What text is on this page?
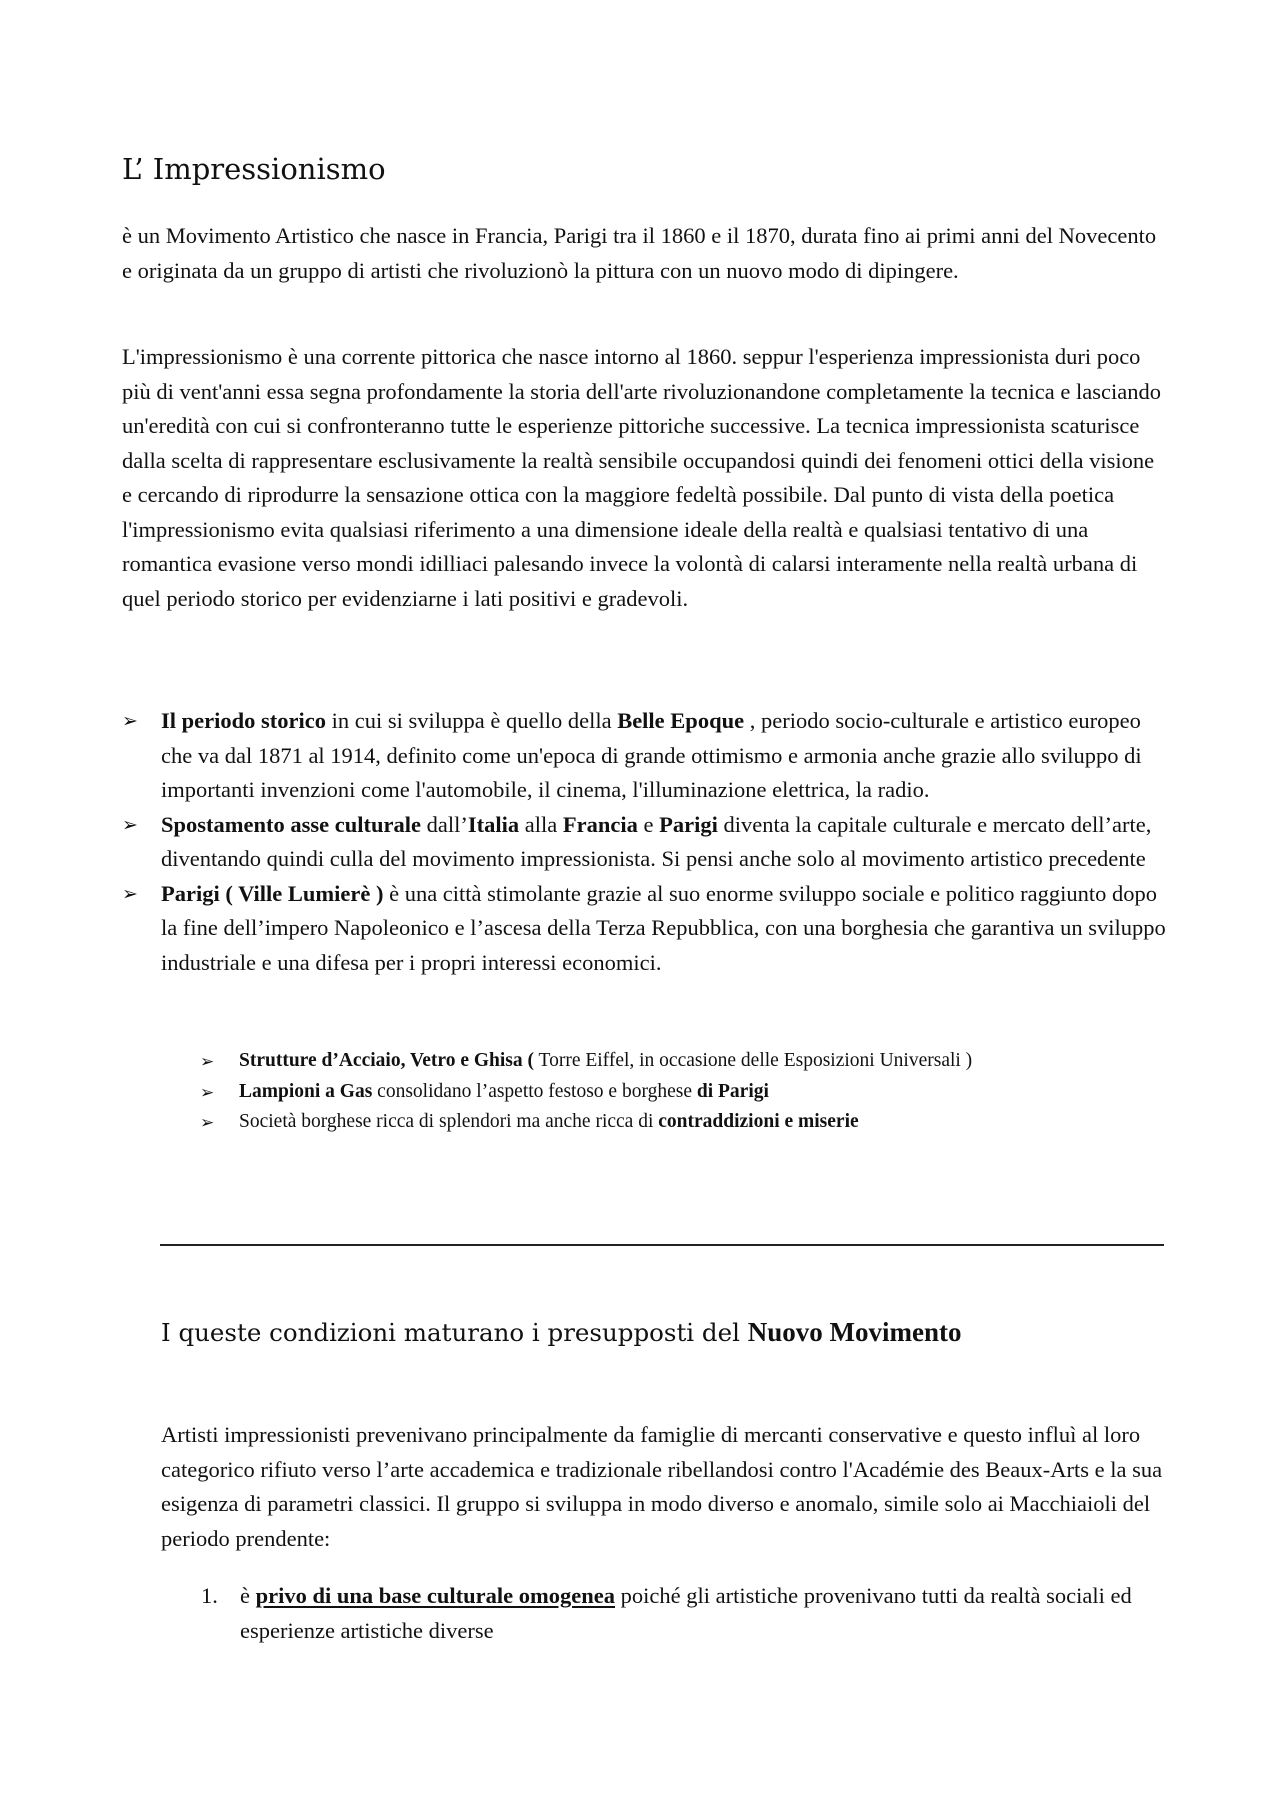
L’ Impressionismo

è un Movimento Artistico che nasce in Francia, Parigi tra il 1860 e il 1870, durata fino ai primi anni del Novecento e originata da un gruppo di artisti che rivoluzionò la pittura con un nuovo modo di dipingere.

L'impressionismo è una corrente pittorica che nasce intorno al 1860. seppur l'esperienza impressionista duri poco più di vent'anni essa segna profondamente la storia dell'arte rivoluzionandone completamente la tecnica e lasciando un'eredità con cui si confronteranno tutte le esperienze pittoriche successive. La tecnica impressionista scaturisce dalla scelta di rappresentare esclusivamente la realtà sensibile occupandosi quindi dei fenomeni ottici della visione e cercando di riprodurre la sensazione ottica con la maggiore fedeltà possibile. Dal punto di vista della poetica l'impressionismo evita qualsiasi riferimento a una dimensione ideale della realtà e qualsiasi tentativo di una romantica evasione verso mondi idilliaci palesando invece la volontà di calarsi interamente nella realtà urbana di quel periodo storico per evidenziarne i lati positivi e gradevoli.

➢ Il periodo storico in cui si sviluppa è quello della Belle Epoque , periodo socio-culturale e artistico europeo che va dal 1871 al 1914, definito come un'epoca di grande ottimismo e armonia anche grazie allo sviluppo di importanti invenzioni come l'automobile, il cinema, l'illuminazione elettrica, la radio.
➢ Spostamento asse culturale dall’Italia alla Francia e Parigi diventa la capitale culturale e mercato dell’arte, diventando quindi culla del movimento impressionista. Si pensi anche solo al movimento artistico precedente
➢ Parigi ( Ville Lumierè ) è una città stimolante grazie al suo enorme sviluppo sociale e politico raggiunto dopo la fine dell’impero Napoleonico e l’ascesa della Terza Repubblica, con una borghesia che garantiva un sviluppo industriale e una difesa per i propri interessi economici.
➢ Strutture d’Acciaio, Vetro e Ghisa ( Torre Eiffel, in occasione delle Esposizioni Universali )
➢ Lampioni a Gas consolidano l’aspetto festoso e borghese di Parigi
➢ Società borghese ricca di splendori ma anche ricca di contraddizioni e miserie
I queste condizioni maturano i presupposti del Nuovo Movimento

Artisti impressionisti prevenivano principalmente da famiglie di mercanti conservative e questo influì al loro categorico rifiuto verso l’arte accademica e tradizionale ribellandosi contro l'Académie des Beaux-Arts e la sua esigenza di parametri classici. Il gruppo si sviluppa in modo diverso e anomalo, simile solo ai Macchiaioli del periodo prendente:

1. è privo di una base culturale omogenea poiché gli artistiche provenivano tutti da realtà sociali ed esperienze artistiche diverse
